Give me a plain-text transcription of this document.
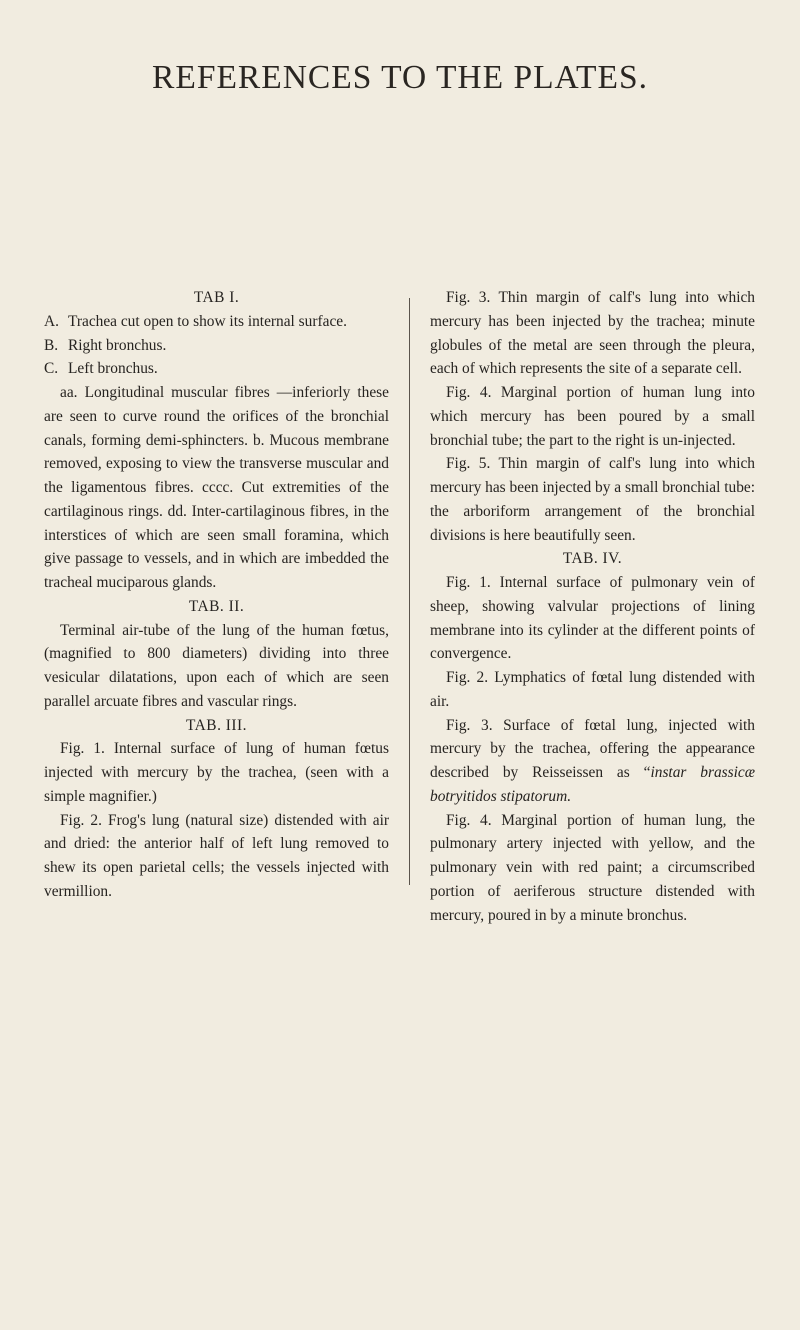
REFERENCES TO THE PLATES.

TAB I.

A. Trachea cut open to show its internal surface.

B. Right bronchus.

C. Left bronchus.

aa. Longitudinal muscular fibres —inferiorly these are seen to curve round the orifices of the bronchial canals, forming demi-sphincters. b. Mucous membrane removed, exposing to view the transverse muscular and the ligamentous fibres. cccc. Cut extremities of the cartilaginous rings. dd. Inter-cartilaginous fibres, in the interstices of which are seen small foramina, which give passage to vessels, and in which are imbedded the tracheal muciparous glands.

TAB. II.

Terminal air-tube of the lung of the human fœtus, (magnified to 800 diameters) dividing into three vesicular dilatations, upon each of which are seen parallel arcuate fibres and vascular rings.

TAB. III.

Fig. 1. Internal surface of lung of human fœtus injected with mercury by the trachea, (seen with a simple magnifier.)

Fig. 2. Frog's lung (natural size) distended with air and dried: the anterior half of left lung removed to shew its open parietal cells; the vessels injected with vermillion.

Fig. 3. Thin margin of calf's lung into which mercury has been injected by the trachea; minute globules of the metal are seen through the pleura, each of which represents the site of a separate cell.

Fig. 4. Marginal portion of human lung into which mercury has been poured by a small bronchial tube; the part to the right is un-injected.

Fig. 5. Thin margin of calf's lung into which mercury has been injected by a small bronchial tube: the arboriform arrangement of the bronchial divisions is here beautifully seen.

TAB. IV.

Fig. 1. Internal surface of pulmonary vein of sheep, showing valvular projections of lining membrane into its cylinder at the different points of convergence.

Fig. 2. Lymphatics of fœtal lung distended with air.

Fig. 3. Surface of fœtal lung, injected with mercury by the trachea, offering the appearance described by Reisseissen as “instar brassicæ botryitidos stipatorum.

Fig. 4. Marginal portion of human lung, the pulmonary artery injected with yellow, and the pulmonary vein with red paint; a circumscribed portion of aeriferous structure distended with mercury, poured in by a minute bronchus.
